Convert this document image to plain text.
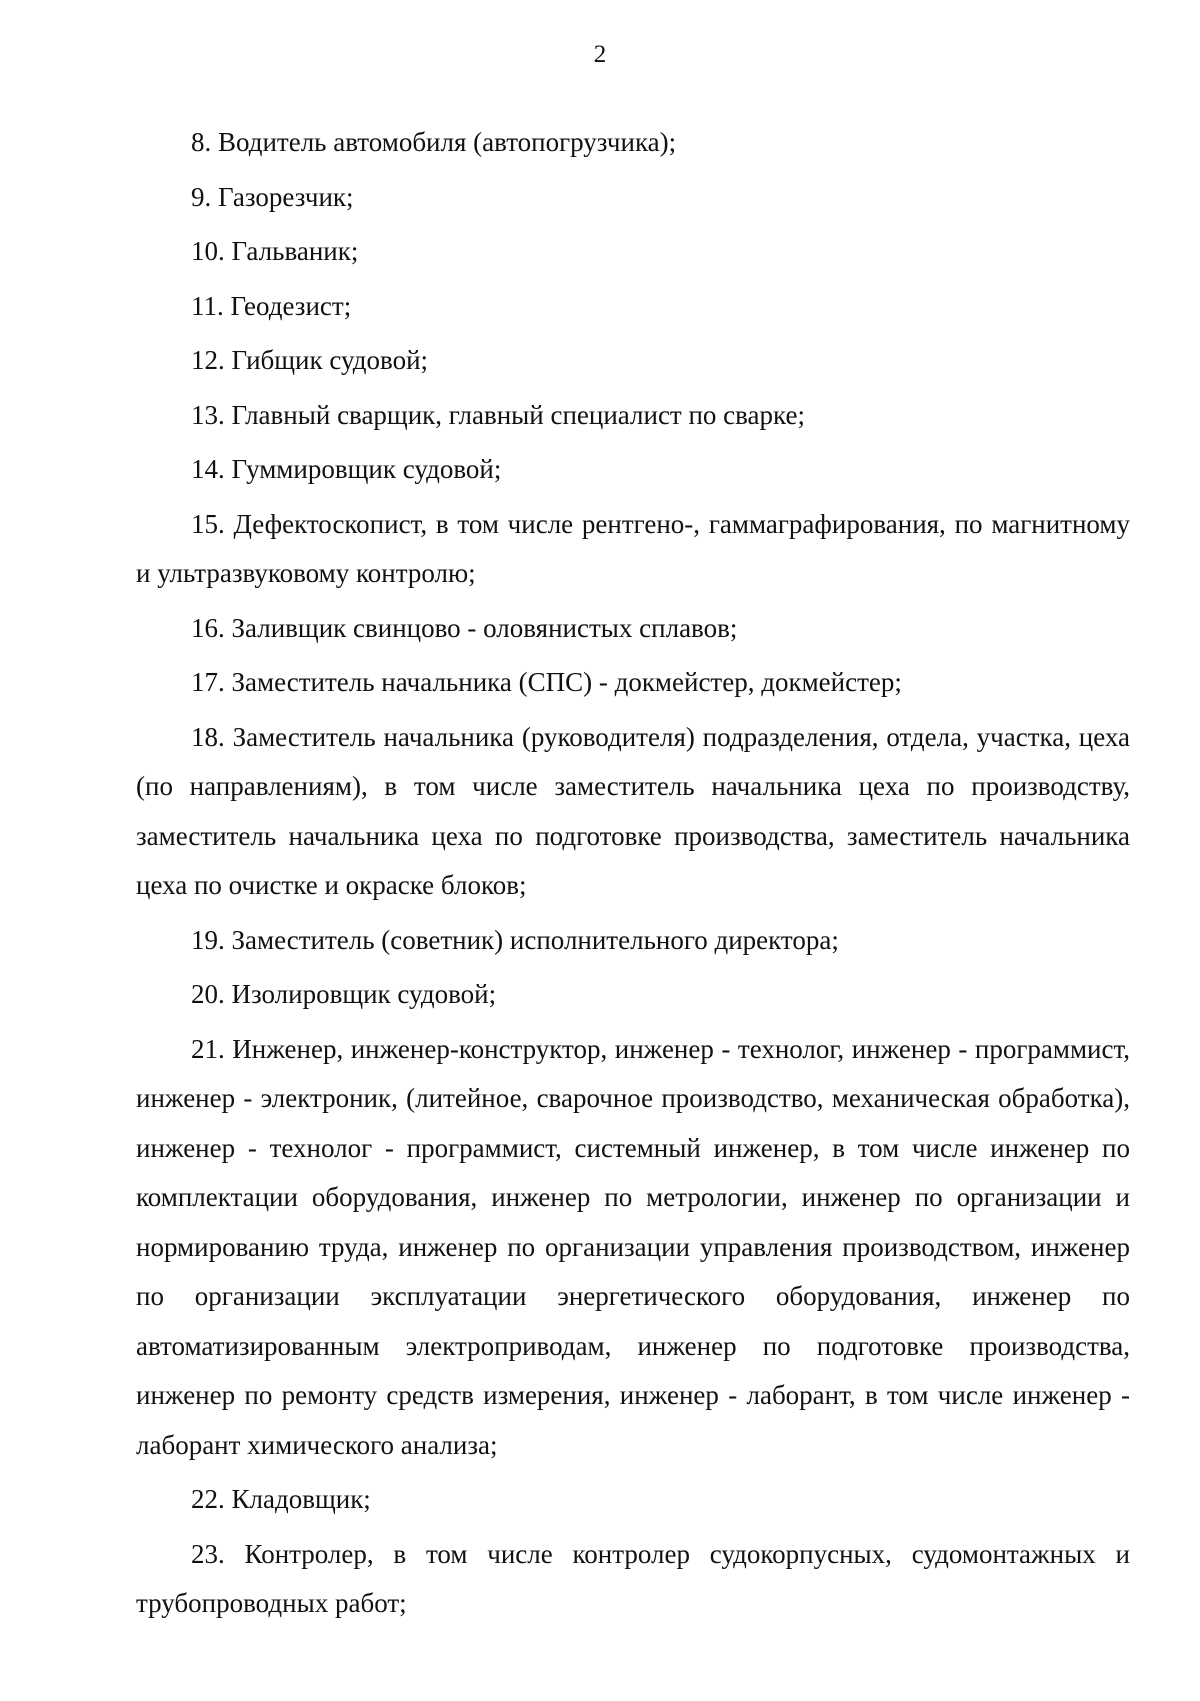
2

8. Водитель автомобиля (автопогрузчика);

9. Газорезчик;

10. Гальваник;

11. Геодезист;

12. Гибщик судовой;

13. Главный сварщик, главный специалист по сварке;

14. Гуммировщик судовой;

15. Дефектоскопист, в том числе рентгено-, гаммаграфирования, по магнитному и ультразвуковому контролю;

16. Заливщик свинцово - оловянистых сплавов;

17. Заместитель начальника (СПС) - докмейстер, докмейстер;

18. Заместитель начальника (руководителя) подразделения, отдела, участка, цеха (по направлениям), в том числе заместитель начальника цеха по производству, заместитель начальника цеха по подготовке производства, заместитель начальника цеха по очистке и окраске блоков;

19. Заместитель (советник) исполнительного директора;

20. Изолировщик судовой;

21. Инженер, инженер-конструктор, инженер - технолог, инженер - программист, инженер - электроник, (литейное, сварочное производство, механическая обработка), инженер - технолог - программист, системный инженер, в том числе инженер по комплектации оборудования, инженер по метрологии, инженер по организации и нормированию труда, инженер по организации управления производством, инженер по организации эксплуатации энергетического оборудования, инженер по автоматизированным электроприводам, инженер по подготовке производства, инженер по ремонту средств измерения, инженер - лаборант, в том числе инженер - лаборант химического анализа;

22. Кладовщик;

23. Контролер, в том числе контролер судокорпусных, судомонтажных и трубопроводных работ;
